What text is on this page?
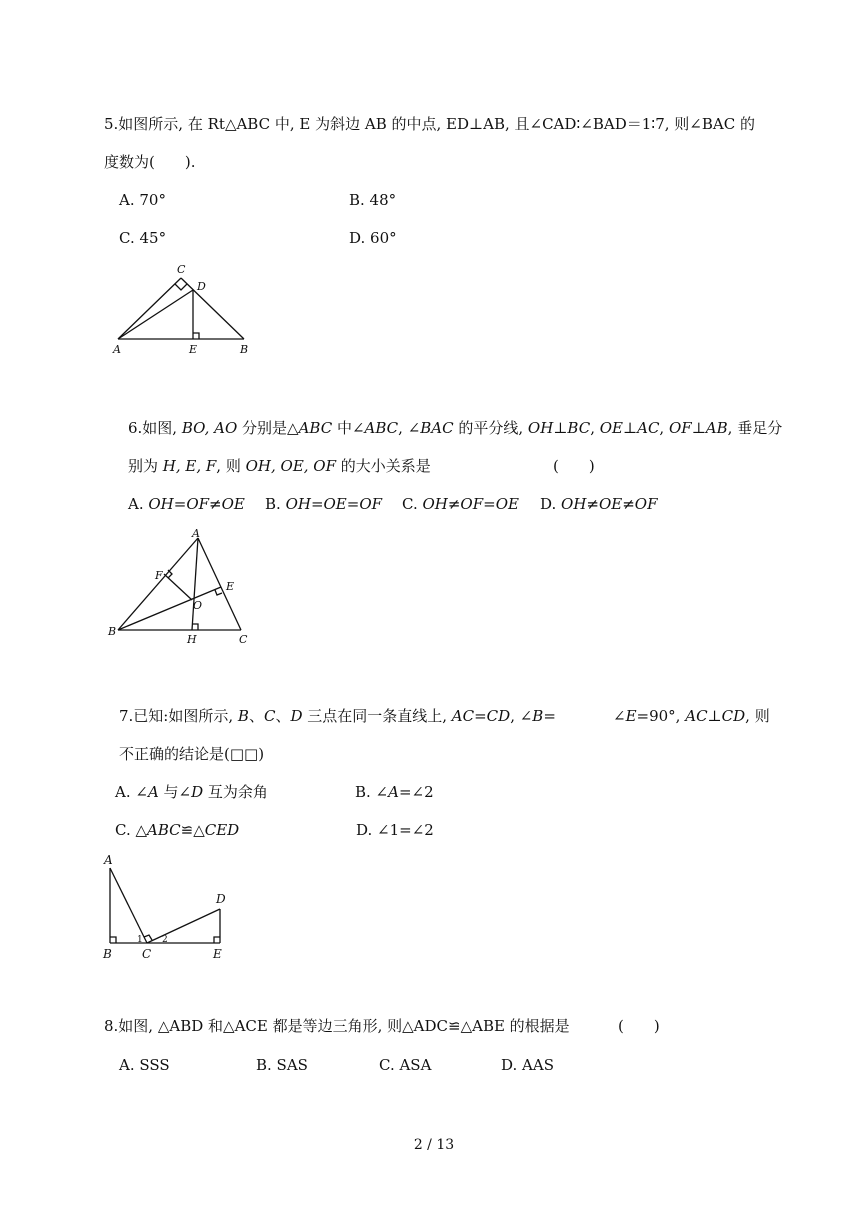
5.如图所示, 在 Rt△ABC 中, E 为斜边 AB 的中点, ED⊥AB, 且∠CAD∶∠BAD＝1∶7, 则∠BAC 的
度数为(　　).
A. 70°	B. 48°
C. 45°	D. 60°
C
D
A	E	B
6.如图, BO, AO 分别是△ABC 中∠ABC, ∠BAC 的平分线, OH⊥BC, OE⊥AC, OF⊥AB, 垂足分
别为 H, E, F, 则 OH, OE, OF 的大小关系是	(　　)
A. OH=OF≠OE B. OH=OE=OF C. OH≠OF=OE D. OH≠OE≠OF
A
F
E
O
B
H	C
7.已知:如图所示, B、C、D 三点在同一条直线上, AC=CD, ∠B=	∠E=90°, AC⊥CD, 则
不正确的结论是(□□)
A. ∠A 与∠D 互为余角	B. ∠A=∠2
C. △ABC≌△CED	D. ∠1=∠2
A
D
B	C	E
1 2
8.如图, △ABD 和△ACE 都是等边三角形, 则△ADC≌△ABE 的根据是	(　　)
A. SSS	B. SAS	C. ASA	D. AAS
2 / 13
